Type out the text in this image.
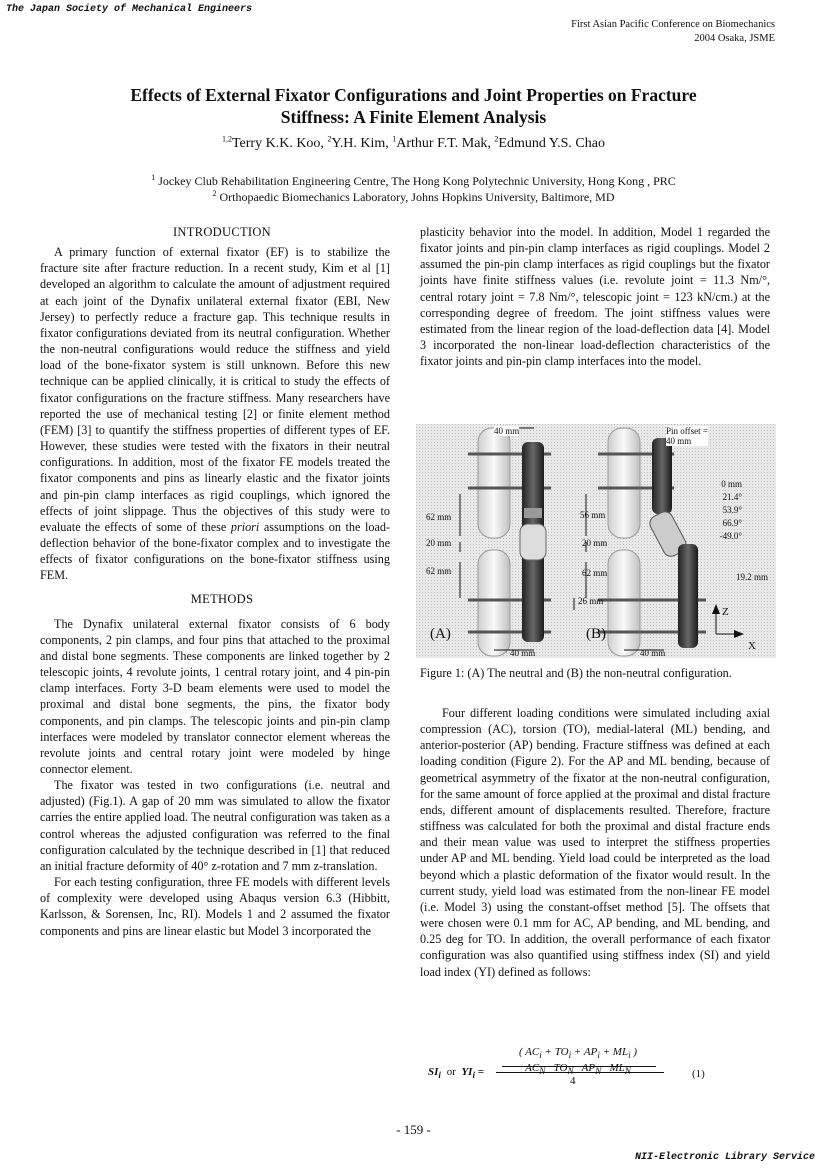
The Japan Society of Mechanical Engineers
First Asian Pacific Conference on Biomechanics
2004 Osaka, JSME
Effects of External Fixator Configurations and Joint Properties on Fracture
Stiffness: A Finite Element Analysis
$^{1,2}$Terry K.K. Koo, $^2$Y.H. Kim, $^1$Arthur F.T. Mak, $^2$Edmund Y.S. Chao
$^1$ Jockey Club Rehabilitation Engineering Centre, The Hong Kong Polytechnic University, Hong Kong , PRC
$^2$ Orthopaedic Biomechanics Laboratory, Johns Hopkins University, Baltimore, MD

INTRODUCTION

A primary function of external fixator (EF) is to stabilize the fracture site after fracture reduction. In a recent study, Kim et al [1] developed an algorithm to calculate the amount of adjustment required at each joint of the Dynafix unilateral external fixator (EBI, New Jersey) to perfectly reduce a fracture gap. This technique results in fixator configurations deviated from its neutral configuration. Whether the non-neutral configurations would reduce the stiffness and yield load of the bone-fixator system is still unknown. Before this new technique can be applied clinically, it is critical to study the effects of fixator configurations on the fracture stiffness. Many researchers have reported the use of mechanical testing [2] or finite element method (FEM) [3] to quantify the stiffness properties of different types of EF. However, these studies were tested with the fixators in their neutral configurations. In addition, most of the fixator FE models treated the fixator components and pins as linearly elastic and the fixator joints and pin-pin clamp interfaces as rigid couplings, which ignored the effects of joint slippage. Thus the objectives of this study were to evaluate the effects of some of these priori assumptions on the load-deflection behavior of the bone-fixator complex and to investigate the effects of fixator configurations on the bone-fixator stiffness using FEM.

METHODS

The Dynafix unilateral external fixator consists of 6 body components, 2 pin clamps, and four pins that attached to the proximal and distal bone segments. These components are linked together by 2 telescopic joints, 4 revolute joints, 1 central rotary joint, and 4 pin-pin clamp interfaces. Forty 3-D beam elements were used to model the proximal and distal bone segments, the pins, the fixator body components, and pin clamps. The telescopic joints and pin-pin clamp interfaces were modeled by translator connector element whereas the revolute joints and central rotary joint were modeled by hinge connector element.

The fixator was tested in two configurations (i.e. neutral and adjusted) (Fig.1). A gap of 20 mm was simulated to allow the fixator carries the entire applied load. The neutral configuration was taken as a control whereas the adjusted configuration was referred to the final configuration calculated by the technique described in [1] that reduced an initial fracture deformity of 40° z-rotation and 7 mm z-translation.

For each testing configuration, three FE models with different levels of complexity were developed using Abaqus version 6.3 (Hibbitt, Karlsson, & Sorensen, Inc, RI). Models 1 and 2 assumed the fixator components and pins are linear elastic but Model 3 incorporated the

plasticity behavior into the model. In addition, Model 1 regarded the fixator joints and pin-pin clamp interfaces as rigid couplings. Model 2 assumed the pin-pin clamp interfaces as rigid couplings but the fixator joints have finite stiffness values (i.e. revolute joint = 11.3 Nm/°, central rotary joint = 7.8 Nm/°, telescopic joint = 123 kN/cm.) at the corresponding degree of freedom. The joint stiffness values were estimated from the linear region of the load-deflection data [4]. Model 3 incorporated the non-linear load-deflection characteristics of the fixator joints and pin-pin clamp interfaces into the model.

40 mm	Pin offset =
40 mm
62 mm
20 mm
62 mm
56 mm
20 mm
62 mm
26 mm
40 mm	40 mm
0 mm
21.4°
53.9°
66.9°
-49.0°
19.2 mm
(A)	(B)
Z
X
Figure 1: (A) The neutral and (B) the non-neutral configuration.

Four different loading conditions were simulated including axial compression (AC), torsion (TO), medial-lateral (ML) bending, and anterior-posterior (AP) bending. Fracture stiffness was defined at each loading condition (Figure 2). For the AP and ML bending, because of geometrical asymmetry of the fixator at the non-neutral configuration, for the same amount of force applied at the proximal and distal fracture ends, different amount of displacements resulted. Therefore, fracture stiffness was calculated for both the proximal and distal fracture ends and their mean value was used to interpret the stiffness properties under AP and ML bending. Yield load could be interpreted as the load beyond which a plastic deformation of the fixator would result. In the current study, yield load was estimated from the non-linear FE model (i.e. Model 3) using the constant-offset method [5]. The offsets that were chosen were 0.1 mm for AC, AP bending, and ML bending, and 0.25 deg for TO. In addition, the overall performance of each fixator configuration was also quantified using stiffness index (SI) and yield load index (YI) defined as follows:

$SI_i$ or $YI_i$ =
( $AC_i + TO_i + AP_i + ML_i$ )
$AC_N$ $TO_N$ $AP_N$ $ML_N$
4
(1)
- 159 -
NII-Electronic Library Service
